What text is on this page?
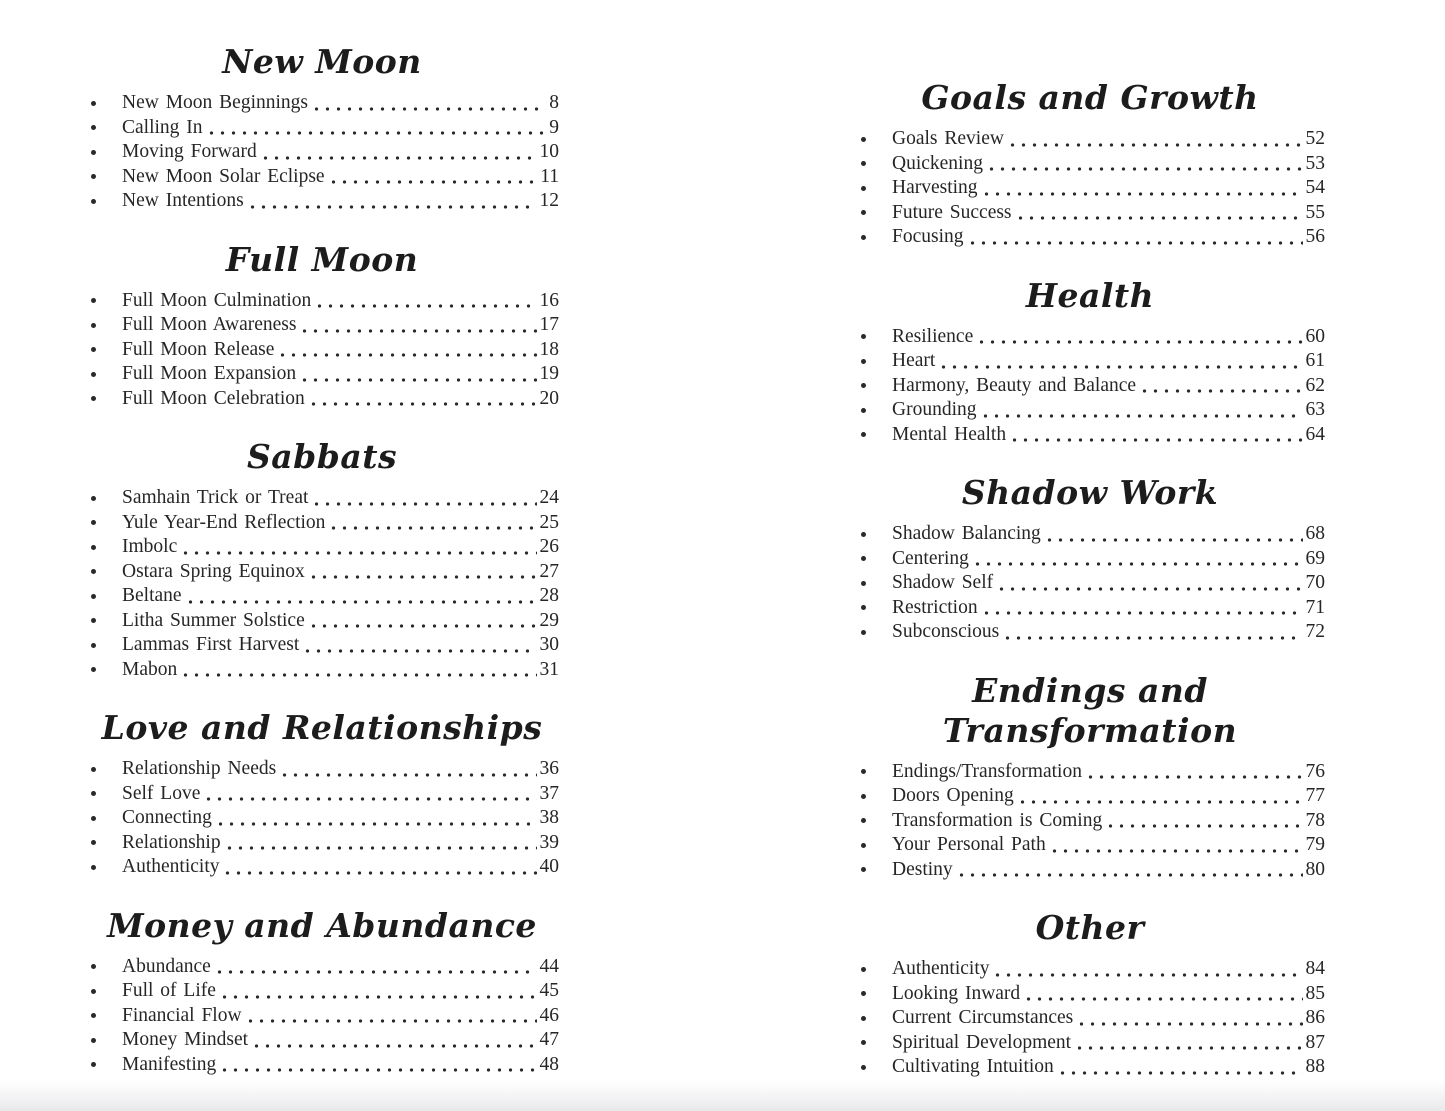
New Moon
New Moon Beginnings	8
Calling In	9
Moving Forward	10
New Moon Solar Eclipse	11
New Intentions	12
Full Moon
Full Moon Culmination	16
Full Moon Awareness	17
Full Moon Release	18
Full Moon Expansion	19
Full Moon Celebration	20
Sabbats
Samhain Trick or Treat	24
Yule Year-End Reflection	25
Imbolc	26
Ostara Spring Equinox	27
Beltane	28
Litha Summer Solstice	29
Lammas First Harvest	30
Mabon	31
Love and Relationships
Relationship Needs	36
Self Love	37
Connecting	38
Relationship	39
Authenticity	40
Money and Abundance
Abundance	44
Full of Life	45
Financial Flow	46
Money Mindset	47
Manifesting	48
Goals and Growth
Goals Review	52
Quickening	53
Harvesting	54
Future Success	55
Focusing	56
Health
Resilience	60
Heart	61
Harmony, Beauty and Balance	62
Grounding	63
Mental Health	64
Shadow Work
Shadow Balancing	68
Centering	69
Shadow Self	70
Restriction	71
Subconscious	72
Endings and Transformation
Endings/Transformation	76
Doors Opening	77
Transformation is Coming	78
Your Personal Path	79
Destiny	80
Other
Authenticity	84
Looking Inward	85
Current Circumstances	86
Spiritual Development	87
Cultivating Intuition	88
